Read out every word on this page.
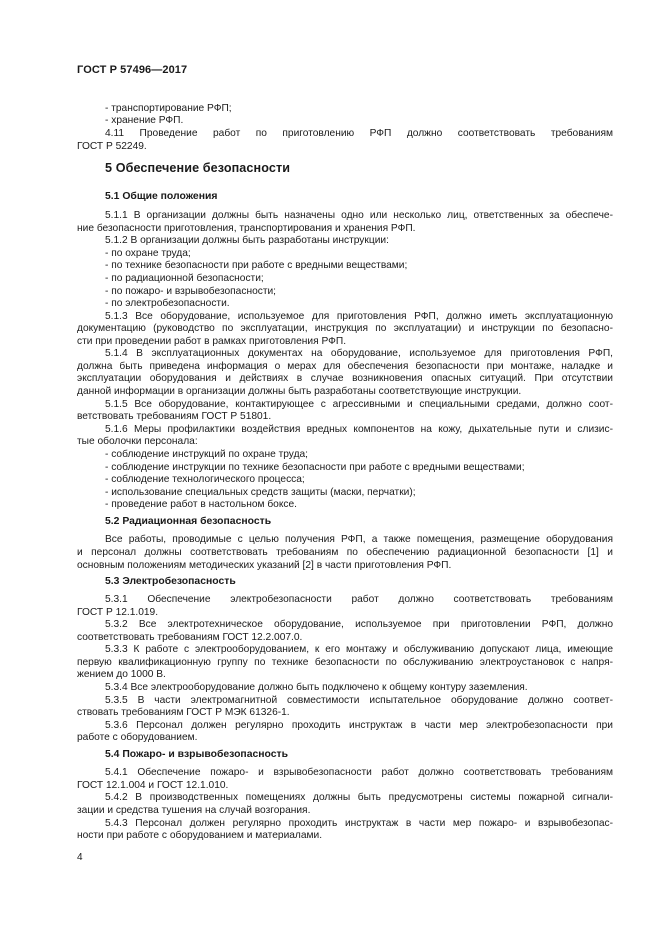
ГОСТ Р 57496—2017
- транспортирование РФП;
- хранение РФП.
4.11 Проведение работ по приготовлению РФП должно соответствовать требованиям
ГОСТ Р 52249.
5 Обеспечение безопасности
5.1 Общие положения
5.1.1 В организации должны быть назначены одно или несколько лиц, ответственных за обеспече-
ние безопасности приготовления, транспортирования и хранения РФП.
5.1.2 В организации должны быть разработаны инструкции:
- по охране труда;
- по технике безопасности при работе с вредными веществами;
- по радиационной безопасности;
- по пожаро- и взрывобезопасности;
- по электробезопасности.
5.1.3 Все оборудование, используемое для приготовления РФП, должно иметь эксплуатационную
документацию (руководство по эксплуатации, инструкция по эксплуатации) и инструкции по безопасно-
сти при проведении работ в рамках приготовления РФП.
5.1.4 В эксплуатационных документах на оборудование, используемое для приготовления РФП,
должна быть приведена информация о мерах для обеспечения безопасности при монтаже, наладке и
эксплуатации оборудования и действиях в случае возникновения опасных ситуаций. При отсутствии
данной информации в организации должны быть разработаны соответствующие инструкции.
5.1.5 Все оборудование, контактирующее с агрессивными и специальными средами, должно соот-
ветствовать требованиям ГОСТ Р 51801.
5.1.6 Меры профилактики воздействия вредных компонентов на кожу, дыхательные пути и слизис-
тые оболочки персонала:
- соблюдение инструкций по охране труда;
- соблюдение инструкции по технике безопасности при работе с вредными веществами;
- соблюдение технологического процесса;
- использование специальных средств защиты (маски, перчатки);
- проведение работ в настольном боксе.
5.2 Радиационная безопасность
Все работы, проводимые с целью получения РФП, а также помещения, размещение оборудования
и персонал должны соответствовать требованиям по обеспечению радиационной безопасности [1] и
основным положениям методических указаний [2] в части приготовления РФП.
5.3 Электробезопасность
5.3.1 Обеспечение электробезопасности работ должно соответствовать требованиям
ГОСТ Р 12.1.019.
5.3.2 Все электротехническое оборудование, используемое при приготовлении РФП, должно
соответствовать требованиям ГОСТ 12.2.007.0.
5.3.3 К работе с электрооборудованием, к его монтажу и обслуживанию допускают лица, имеющие
первую квалификационную группу по технике безопасности по обслуживанию электроустановок с напря-
жением до 1000 В.
5.3.4 Все электрооборудование должно быть подключено к общему контуру заземления.
5.3.5 В части электромагнитной совместимости испытательное оборудование должно соответ-
ствовать требованиям ГОСТ Р МЭК 61326-1.
5.3.6 Персонал должен регулярно проходить инструктаж в части мер электробезопасности при
работе с оборудованием.
5.4 Пожаро- и взрывобезопасность
5.4.1 Обеспечение пожаро- и взрывобезопасности работ должно соответствовать требованиям
ГОСТ 12.1.004 и ГОСТ 12.1.010.
5.4.2 В производственных помещениях должны быть предусмотрены системы пожарной сигнали-
зации и средства тушения на случай возгорания.
5.4.3 Персонал должен регулярно проходить инструктаж в части мер пожаро- и взрывобезопас-
ности при работе с оборудованием и материалами.
4
